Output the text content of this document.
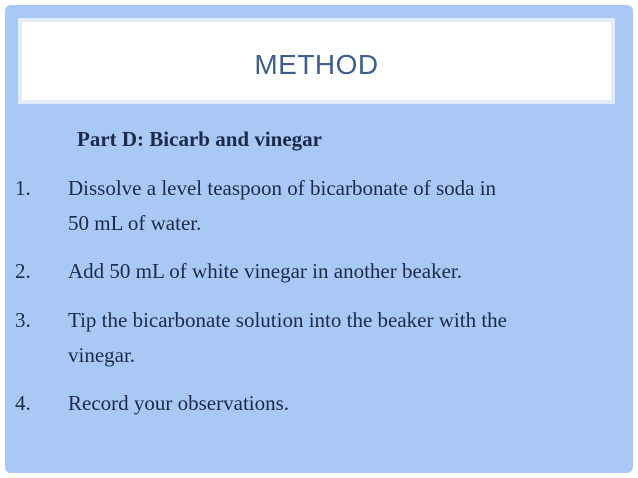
METHOD
Part D: Bicarb and vinegar
1.	Dissolve a level teaspoon of bicarbonate of soda in
50 mL of water.
2.	Add 50 mL of white vinegar in another beaker.
3.	Tip the bicarbonate solution into the beaker with the
vinegar.
4.	Record your observations.
